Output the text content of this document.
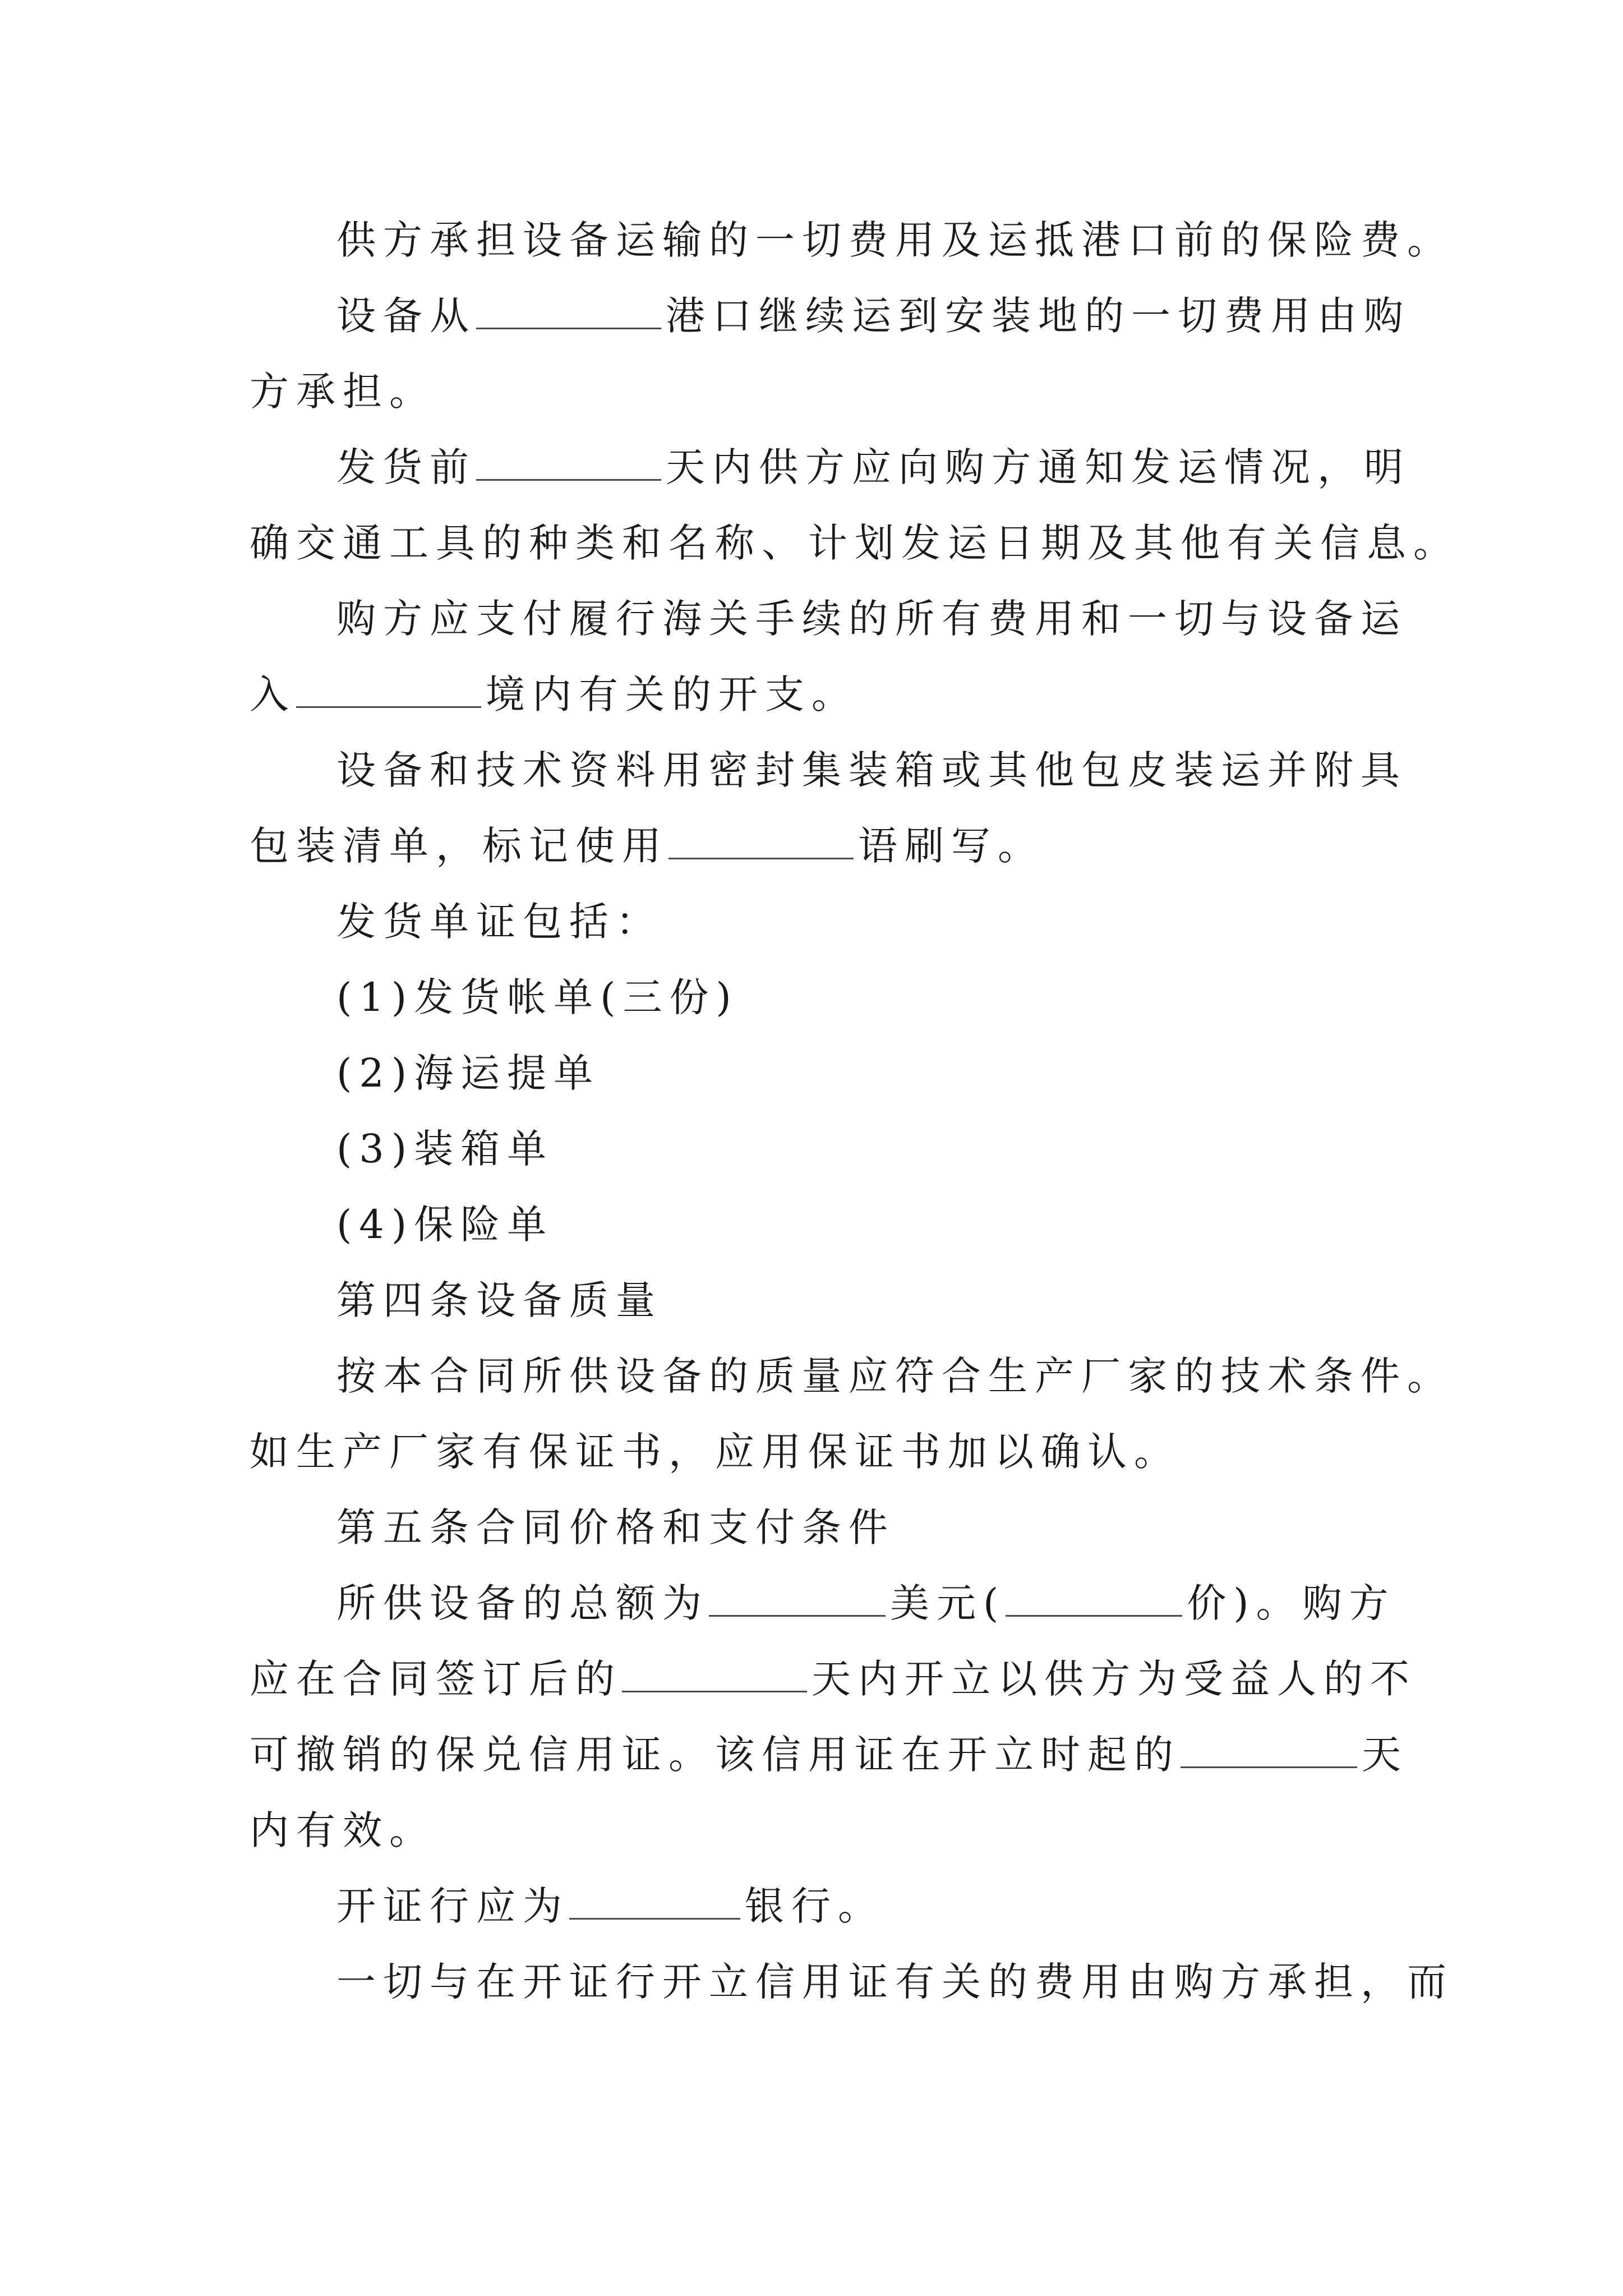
供方承担设备运输的一切费用及运抵港口前的保险费。
设备从	港口继续运到安装地的一切费用由购
方承担。
发货前	天内供方应向购方通知发运情况，明
确交通工具的种类和名称、计划发运日期及其他有关信息。
购方应支付履行海关手续的所有费用和一切与设备运
入	境内有关的开支。
设备和技术资料用密封集装箱或其他包皮装运并附具
包装清单，标记使用	语刷写。
发货单证包括：
(1)发货帐单(三份)
(2)海运提单
(3)装箱单
(4)保险单
第四条设备质量
按本合同所供设备的质量应符合生产厂家的技术条件。
如生产厂家有保证书，应用保证书加以确认。
第五条合同价格和支付条件
所供设备的总额为	美元(	价)。购方
应在合同签订后的	天内开立以供方为受益人的不
可撤销的保兑信用证。该信用证在开立时起的	天
内有效。
开证行应为	银行。
一切与在开证行开立信用证有关的费用由购方承担，而
